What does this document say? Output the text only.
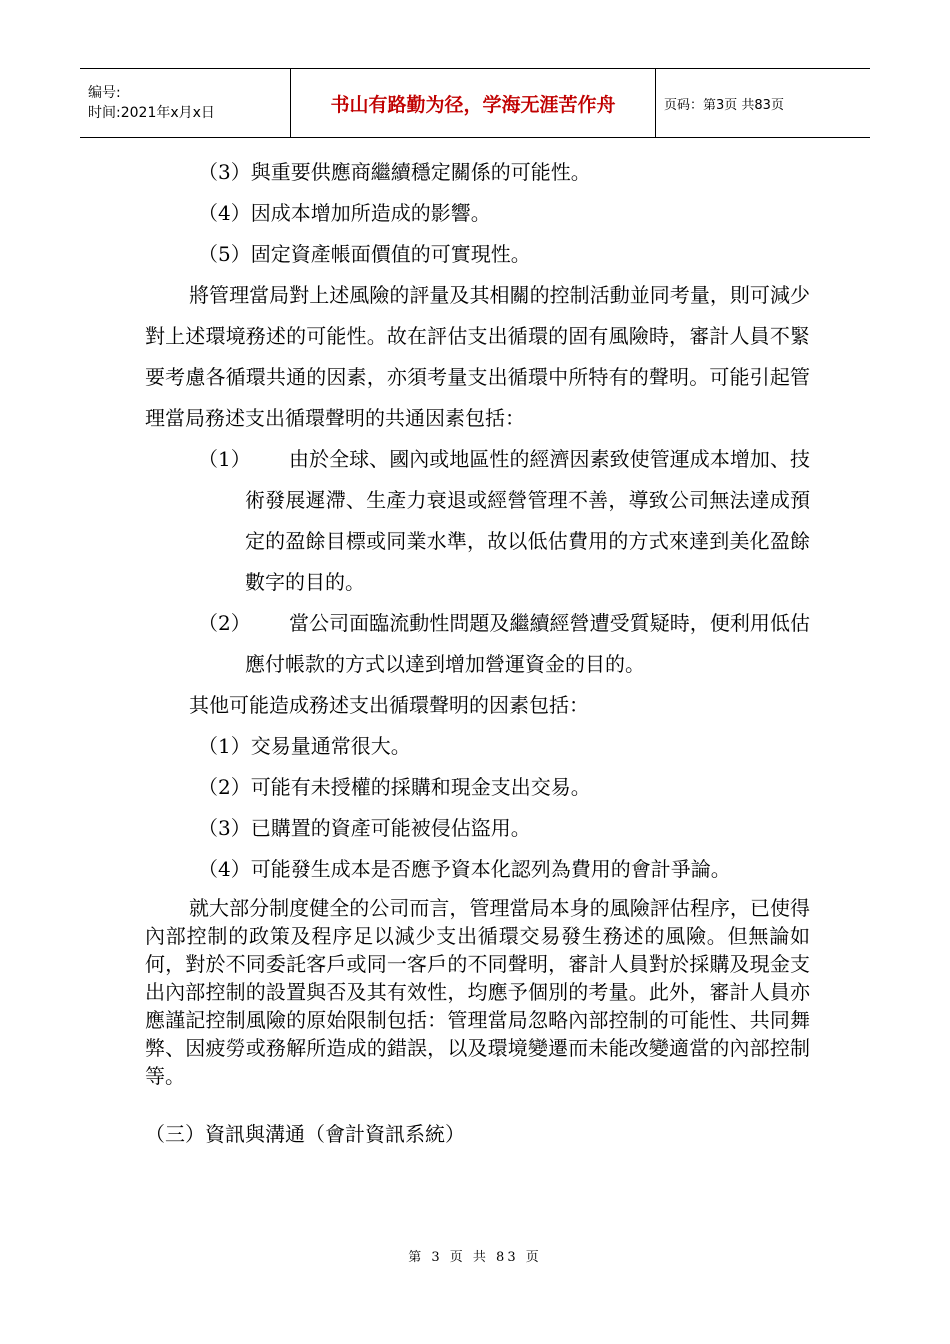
编号:
时间:2021年x月x日	书山有路勤为径，学海无涯苦作舟	页码：第3页 共83页
（3）與重要供應商繼續穩定關係的可能性。
（4）因成本增加所造成的影響。
（5）固定資產帳面價值的可實現性。

將管理當局對上述風險的評量及其相關的控制活動並同考量，則可減少對上述環境務述的可能性。故在評估支出循環的固有風險時，審計人員不緊要考慮各循環共通的因素，亦須考量支出循環中所特有的聲明。可能引起管理當局務述支出循環聲明的共通因素包括：

（1）	由於全球、國內或地區性的經濟因素致使管運成本增加、技術發展遲滯、生產力衰退或經營管理不善，導致公司無法達成預定的盈餘目標或同業水準，故以低估費用的方式來達到美化盈餘數字的目的。

（2）	當公司面臨流動性問題及繼續經營遭受質疑時，便利用低估應付帳款的方式以達到增加營運資金的目的。

其他可能造成務述支出循環聲明的因素包括：

（1）交易量通常很大。
（2）可能有未授權的採購和現金支出交易。
（3）已購置的資產可能被侵佔盜用。
（4）可能發生成本是否應予資本化認列為費用的會計爭論。

就大部分制度健全的公司而言，管理當局本身的風險評估程序，已使得內部控制的政策及程序足以減少支出循環交易發生務述的風險。但無論如何，對於不同委託客戶或同一客戶的不同聲明，審計人員對於採購及現金支出內部控制的設置與否及其有效性，均應予個別的考量。此外，審計人員亦應謹記控制風險的原始限制包括：管理當局忽略內部控制的可能性、共同舞弊、因疲勞或務解所造成的錯誤，以及環境變遷而未能改變適當的內部控制等。

（三）資訊與溝通（會計資訊系統）
第 3 页 共 83 页
